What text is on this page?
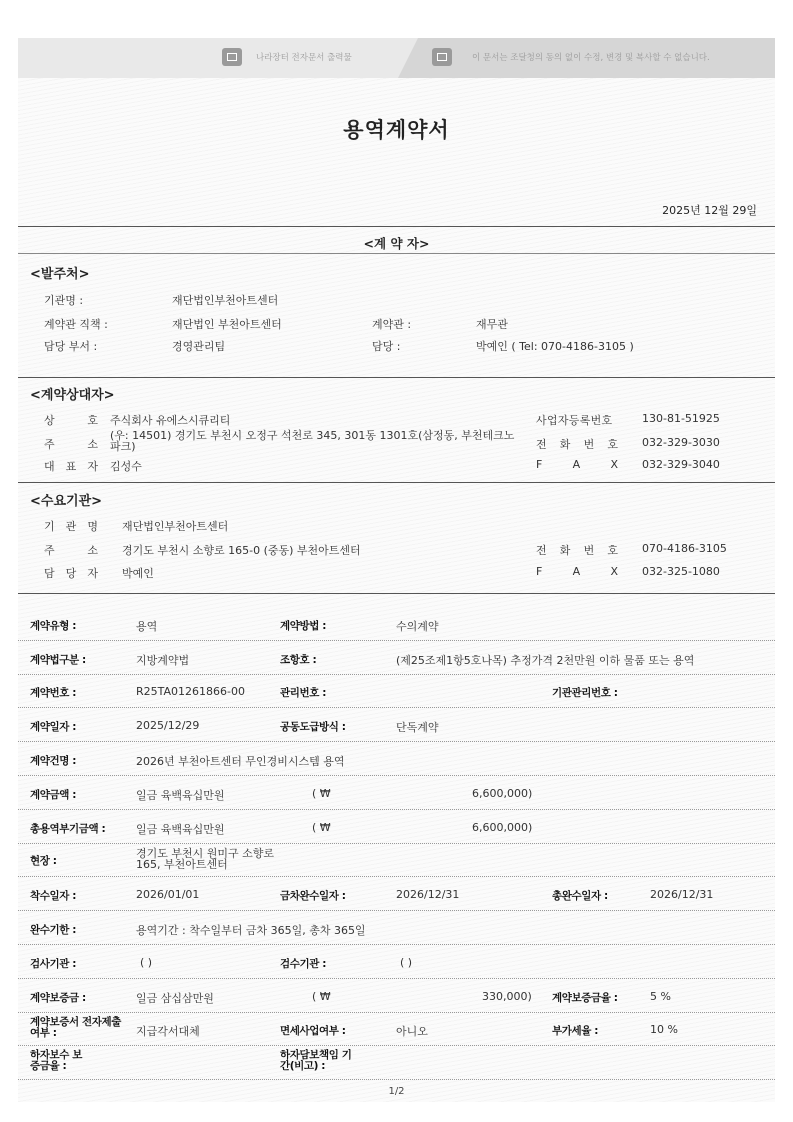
나라장터 전자문서 출력물	이 문서는 조달청의 동의 없이 수정, 변경 및 복사할 수 없습니다.
용역계약서
2025년 12월 29일
<계 약 자>
<발주처>
기관명 :	재단법인부천아트센터
계약관 직책 :	재단법인 부천아트센터	계약관 :	재무관
담당 부서 :	경영관리팀	담당 :	박예인 ( Tel: 070-4186-3105 )
<계약상대자>
상	호 주식회사 유에스시큐리티
주	소
(우: 14501) 경기도 부천시 오정구 석천로 345, 301동 1301호(삼정동, 부천테크노파크)
대 표 자 김성수
사업자등록번호	130-81-51925
전 화 번 호 032-329-3030
F	A	X 032-329-3040
<수요기관>
기 관 명 재단법인부천아트센터
주	소 경기도 부천시 소향로 165-0 (중동) 부천아트센터
담 당 자 박예인
전 화 번 호 070-4186-3105
F	A	X 032-325-1080
계약유형 :	용역	계약방법 :	수의계약
계약법구분 :	지방계약법	조항호 :	(제25조제1항5호나목) 추정가격 2천만원 이하 물품 또는 용역
계약번호 :	R25TA01261866-00	관리번호 :	기관관리번호 :
계약일자 :	2025/12/29	공동도급방식 :	단독계약
계약건명 :	2026년 부천아트센터 무인경비시스템 용역
계약금액 :	일금 육백육십만원	( ₩	6,600,000)
총용역부기금액 :	일금 육백육십만원	( ₩	6,600,000)
현장 :
경기도 부천시 원미구 소향로 165, 부천아트센터
착수일자 :	2026/01/01	금차완수일자 :	2026/12/31	총완수일자 :	2026/12/31
완수기한 :	용역기간 : 착수일부터 금차 365일, 총차 365일
검사기관 :	( )	검수기관 :	( )
계약보증금 :	일금 삼십삼만원	( ₩	330,000) 계약보증금율 :	5 %
계약보증서 전자제출여부 :	지급각서대체	면세사업여부 :	아니오	부가세율 :	10 %
하자보수 보증금율 :
하자담보책임 기간(비고) :
1/2
